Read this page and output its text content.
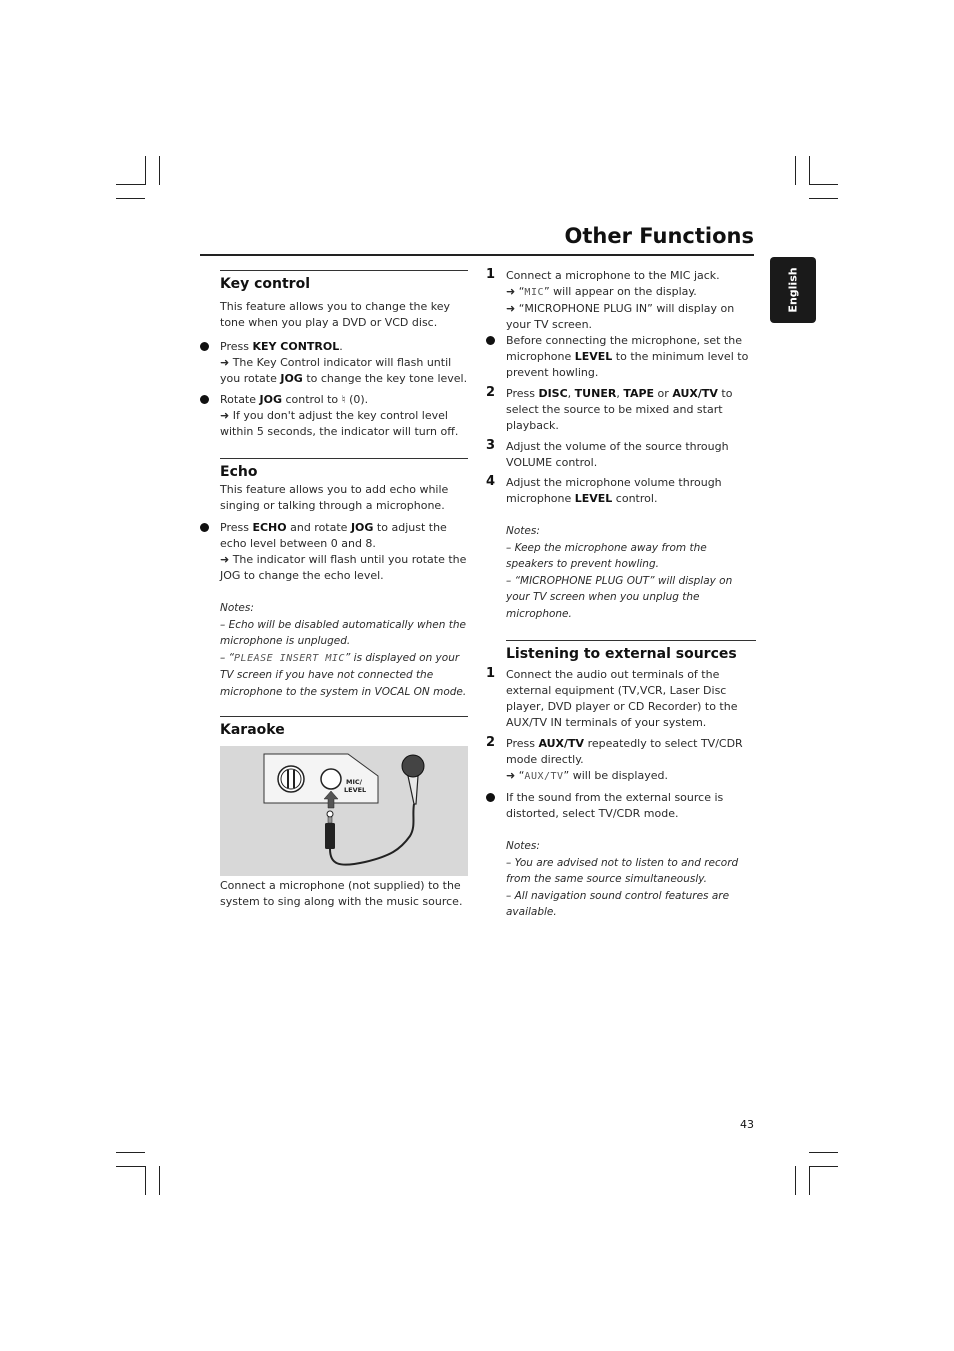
Other Functions
English
Key control

This feature allows you to change the key tone when you play a DVD or VCD disc.

Press KEY CONTROL.
➜ The Key Control indicator will flash until you rotate JOG to change the key tone level.
Rotate JOG control to ♮ (0).
➜ If you don't adjust the key control level within 5 seconds, the indicator will turn off.
Echo

This feature allows you to add echo while singing or talking through a microphone.

Press ECHO and rotate JOG to adjust the echo level between 0 and 8.
➜ The indicator will flash until you rotate the JOG to change the echo level.
Notes:
– Echo will be disabled automatically when the microphone is unpluged.
– “PLEASE INSERT MIC” is displayed on your TV screen if you have not connected the microphone to the system in VOCAL ON mode.
Karaoke
MIC/
LEVEL

Connect a microphone (not supplied) to the system to sing along with the music source.

1 Connect a microphone to the MIC jack.
➜ “MIC” will appear on the display.
➜ “MICROPHONE PLUG IN” will display on your TV screen.
Before connecting the microphone, set the microphone LEVEL to the minimum level to prevent howling.
2 Press DISC, TUNER, TAPE or AUX/TV to select the source to be mixed and start playback.
3 Adjust the volume of the source through VOLUME control.
4 Adjust the microphone volume through microphone LEVEL control.
Notes:
– Keep the microphone away from the speakers to prevent howling.
– “MICROPHONE PLUG OUT” will display on your TV screen when you unplug the microphone.
Listening to external sources
1 Connect the audio out terminals of the external equipment (TV,VCR, Laser Disc player, DVD player or CD Recorder) to the AUX/TV IN terminals of your system.
2 Press AUX/TV repeatedly to select TV/CDR mode directly.
➜ “AUX/TV” will be displayed.
If the sound from the external source is distorted, select TV/CDR mode.
Notes:
– You are advised not to listen to and record from the same source simultaneously.
– All navigation sound control features are available.
43
